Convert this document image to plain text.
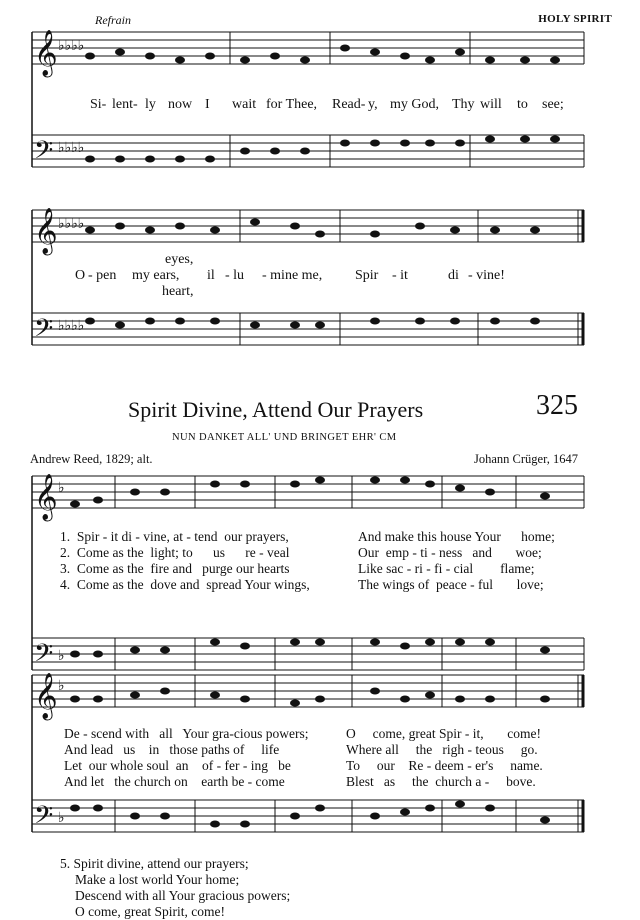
𝄞
𝄢
𝄞
𝄢
𝄞
𝄢
𝄞
𝄢
♭♭♭♭
♭♭♭♭
♭♭♭♭
♭♭♭♭
♭
♭
♭
♭
Refrain	HOLY SPIRIT
Si- lent- ly now I wait for Thee, Read- y, my God, Thy will to see;
eyes,
O - pen my ears, il - lu - mine me, Spir - it	di - vine!
heart,
Spirit Divine, Attend Our Prayers	325
NUN DANKET ALL' UND BRINGET EHR' CM
Andrew Reed, 1829; alt.	Johann Crüger, 1647
1.  Spir - it di - vine, at - tend  our prayers,
2.  Come as the  light; to      us      re - veal
3.  Come as the  fire and   purge our hearts
4.  Come as the  dove and  spread Your wings,
And make this house Your      home;
Our  emp - ti - ness   and       woe;
Like sac - ri - fi - cial        flame;
The wings of  peace - ful       love;
De - scend with   all   Your gra-cious powers;
And lead   us    in   those paths of     life
Let  our whole soul  an    of - fer - ing   be
And let   the church on    earth be - come
O     come, great Spir - it,       come!
Where all     the   righ - teous     go.
To     our    Re - deem - er's     name.
Blest   as     the  church a -     bove.
5. Spirit divine, attend our prayers;
Make a lost world Your home;
Descend with all Your gracious powers;
O come, great Spirit, come!
